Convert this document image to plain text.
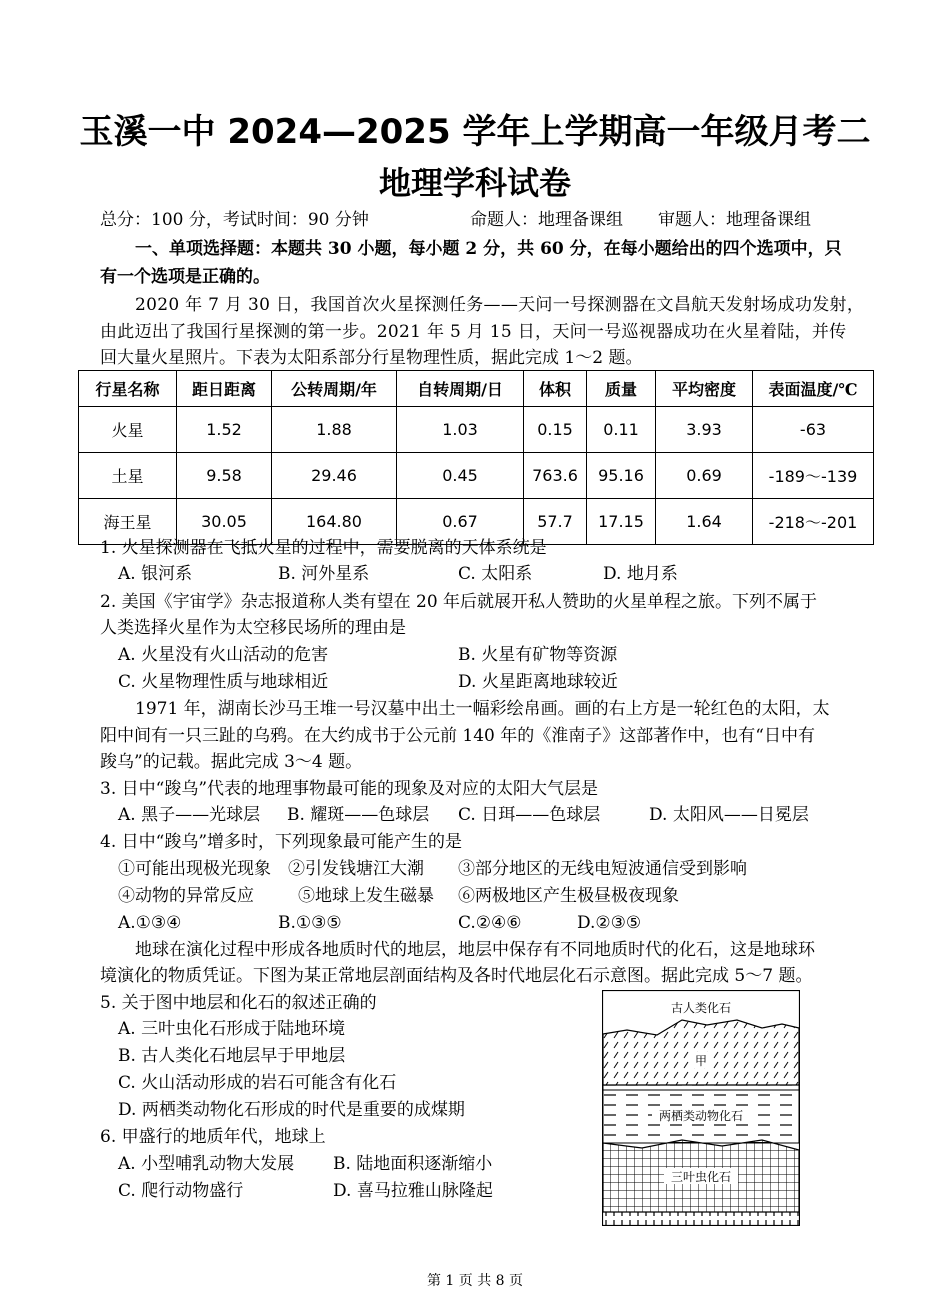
玉溪一中 2024—2025 学年上学期高一年级月考二
地理学科试卷
总分：100 分，考试时间：90 分钟	命题人：地理备课组 审题人：地理备课组
一、单项选择题：本题共 30 小题，每小题 2 分，共 60 分，在每小题给出的四个选项中，只
有一个选项是正确的。
2020 年 7 月 30 日，我国首次火星探测任务——天问一号探测器在文昌航天发射场成功发射，
由此迈出了我国行星探测的第一步。2021 年 5 月 15 日，天问一号巡视器成功在火星着陆，并传
回大量火星照片。下表为太阳系部分行星物理性质，据此完成 1～2 题。
行星名称	距日距离	公转周期/年	自转周期/日	体积	质量	平均密度	表面温度/℃
火星	1.52	1.88	1.03	0.15	0.11	3.93	-63
土星	9.58	29.46	0.45	763.6	95.16	0.69	-189～-139
海王星	30.05	164.80	0.67	57.7	17.15	1.64	-218～-201
1. 火星探测器在飞抵火星的过程中，需要脱离的天体系统是
A. 银河系	B. 河外星系	C. 太阳系	D. 地月系
2. 美国《宇宙学》杂志报道称人类有望在 20 年后就展开私人赞助的火星单程之旅。下列不属于
人类选择火星作为太空移民场所的理由是
A. 火星没有火山活动的危害	B. 火星有矿物等资源
C. 火星物理性质与地球相近	D. 火星距离地球较近
1971 年，湖南长沙马王堆一号汉墓中出土一幅彩绘帛画。画的右上方是一轮红色的太阳，太
阳中间有一只三趾的乌鸦。在大约成书于公元前 140 年的《淮南子》这部著作中，也有“日中有
踆乌”的记载。据此完成 3～4 题。
3. 日中“踆乌”代表的地理事物最可能的现象及对应的太阳大气层是
A. 黑子——光球层 B. 耀斑——色球层 C. 日珥——色球层	D. 太阳风——日冕层
4. 日中“踆乌”增多时，下列现象最可能产生的是
①可能出现极光现象 ②引发钱塘江大潮 ③部分地区的无线电短波通信受到影响
④动物的异常反应	⑤地球上发生磁暴 ⑥两极地区产生极昼极夜现象
A.①③④	B.①③⑤	C.②④⑥	D.②③⑤
地球在演化过程中形成各地质时代的地层，地层中保存有不同地质时代的化石，这是地球环
境演化的物质凭证。下图为某正常地层剖面结构及各时代地层化石示意图。据此完成 5～7 题。
5. 关于图中地层和化石的叙述正确的
A. 三叶虫化石形成于陆地环境
B. 古人类化石地层早于甲地层
C. 火山活动形成的岩石可能含有化石
D. 两栖类动物化石形成的时代是重要的成煤期
6. 甲盛行的地质年代，地球上
A. 小型哺乳动物大发展 B. 陆地面积逐渐缩小
C. 爬行动物盛行	D. 喜马拉雅山脉隆起
古人类化石
甲
两栖类动物化石
三叶虫化石
第 1 页 共 8 页
